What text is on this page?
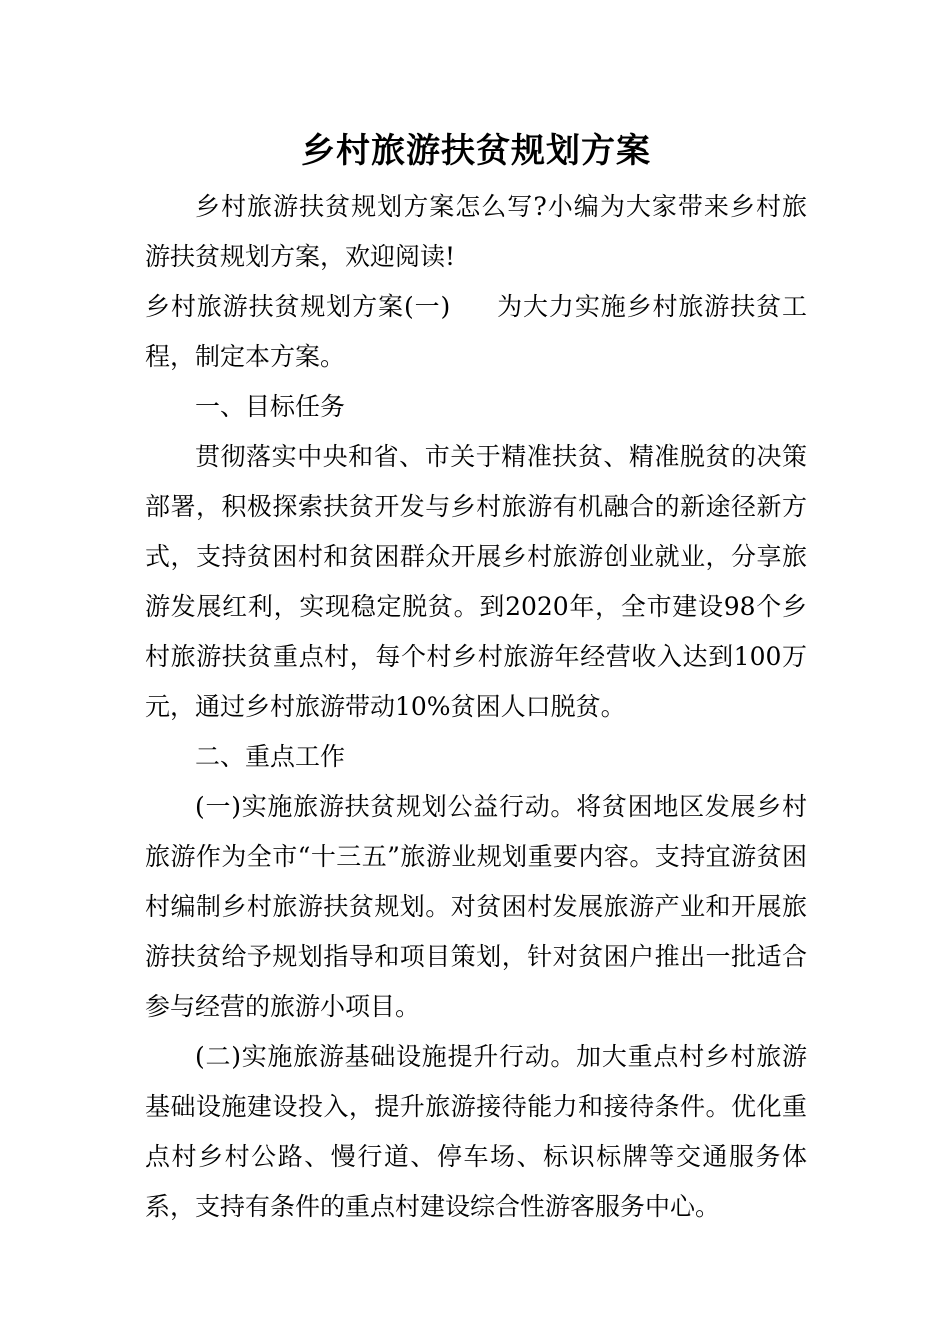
乡村旅游扶贫规划方案

乡村旅游扶贫规划方案怎么写?小编为大家带来乡村旅游扶贫规划方案，欢迎阅读!

乡村旅游扶贫规划方案(一) 为大力实施乡村旅游扶贫工程，制定本方案。

一、目标任务

贯彻落实中央和省、市关于精准扶贫、精准脱贫的决策部署，积极探索扶贫开发与乡村旅游有机融合的新途径新方式，支持贫困村和贫困群众开展乡村旅游创业就业，分享旅游发展红利，实现稳定脱贫。到2020年，全市建设98个乡村旅游扶贫重点村，每个村乡村旅游年经营收入达到100万元，通过乡村旅游带动10%贫困人口脱贫。

二、重点工作

(一)实施旅游扶贫规划公益行动。将贫困地区发展乡村旅游作为全市“十三五”旅游业规划重要内容。支持宜游贫困村编制乡村旅游扶贫规划。对贫困村发展旅游产业和开展旅游扶贫给予规划指导和项目策划，针对贫困户推出一批适合参与经营的旅游小项目。

(二)实施旅游基础设施提升行动。加大重点村乡村旅游基础设施建设投入，提升旅游接待能力和接待条件。优化重点村乡村公路、慢行道、停车场、标识标牌等交通服务体系，支持有条件的重点村建设综合性游客服务中心。
